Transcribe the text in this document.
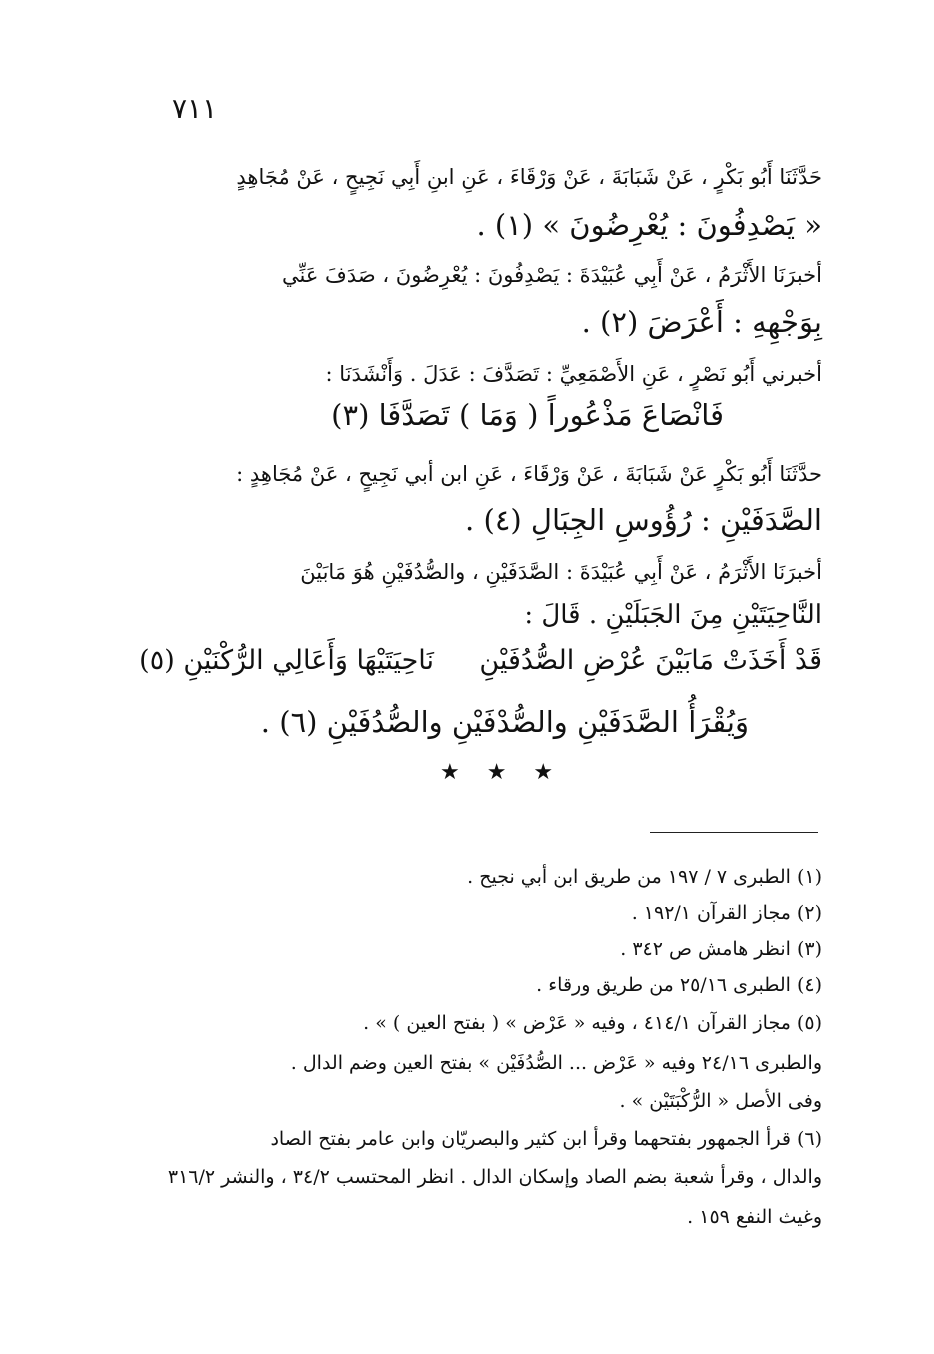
٧١١
حَدَّثَنَا أَبُو بَكْرٍ ، عَنْ شَبَابَةَ ، عَنْ وَرْقَاءَ ، عَنِ ابنِ أَبِي نَجِيحٍ ، عَنْ مُجَاهِدٍ
« يَصْدِفُونَ : يُعْرِضُونَ » (١) .
أخبرَنَا الأَثْرَمُ ، عَنْ أَبِي عُبَيْدَةَ : يَصْدِفُونَ : يُعْرِضُونَ ، صَدَفَ عَنِّي
بِوَجْهِهِ : أَعْرَضَ (٢) .
أخبرني أَبُو نَصْرٍ ، عَنِ الأَصْمَعِيِّ : تَصَدَّفَ : عَدَلَ . وَأَنْشَدَنَا :
فَانْصَاعَ مَذْعُوراً ( وَمَا ) تَصَدَّفَا (٣)
حدَّثَنَا أَبُو بَكْرٍ عَنْ شَبَابَةَ ، عَنْ وَرْقَاءَ ، عَنِ ابن أبي نَجِيحٍ ، عَنْ مُجَاهِدٍ :
الصَّدَفَيْنِ : رُؤُوسِ الجِبَالِ (٤) .
أخبرَنَا الأَثْرَمُ ، عَنْ أَبِي عُبَيْدَةَ : الصَّدَفَيْنِ ، والصُّدُفَيْنِ هُوَ مَابَيْنَ
النَّاحِيَتَيْنِ مِنَ الجَبَلَيْنِ . قَالَ :
قَدْ أَخَذَتْ مَابَيْنَ عُرْضِ الصُّدُفَيْنِ
نَاحِيَتَيْهَا وَأَعَالِي الرُّكْنَيْنِ (٥)
وَيُقْرَأُ الصَّدَفَيْنِ والصُّدْفَيْنِ والصُّدُفَيْنِ (٦) .
★ ★ ★
(١) الطبرى ٧ / ١٩٧ من طريق ابن أبي نجيح .
(٢) مجاز القرآن ١٩٢/١ .
(٣) انظر هامش ص ٣٤٢ .
(٤) الطبرى ٢٥/١٦ من طريق ورقاء .
(٥) مجاز القرآن ٤١٤/١ ، وفيه « عَرْض » ( بفتح العين ) » .
والطبرى ٢٤/١٦ وفيه « عَرْض ... الصُّدُفَيْن » بفتح العين وضم الدال .
وفى الأصل « الرُّكْبَتَيْن » .
(٦) قرأ الجمهور بفتحهما وقرأ ابن كثير والبصريّان وابن عامر بفتح الصاد
والدال ، وقرأ شعبة بضم الصاد وإسكان الدال . انظر المحتسب ٣٤/٢ ، والنشر ٣١٦/٢
وغيث النفع ١٥٩ .
